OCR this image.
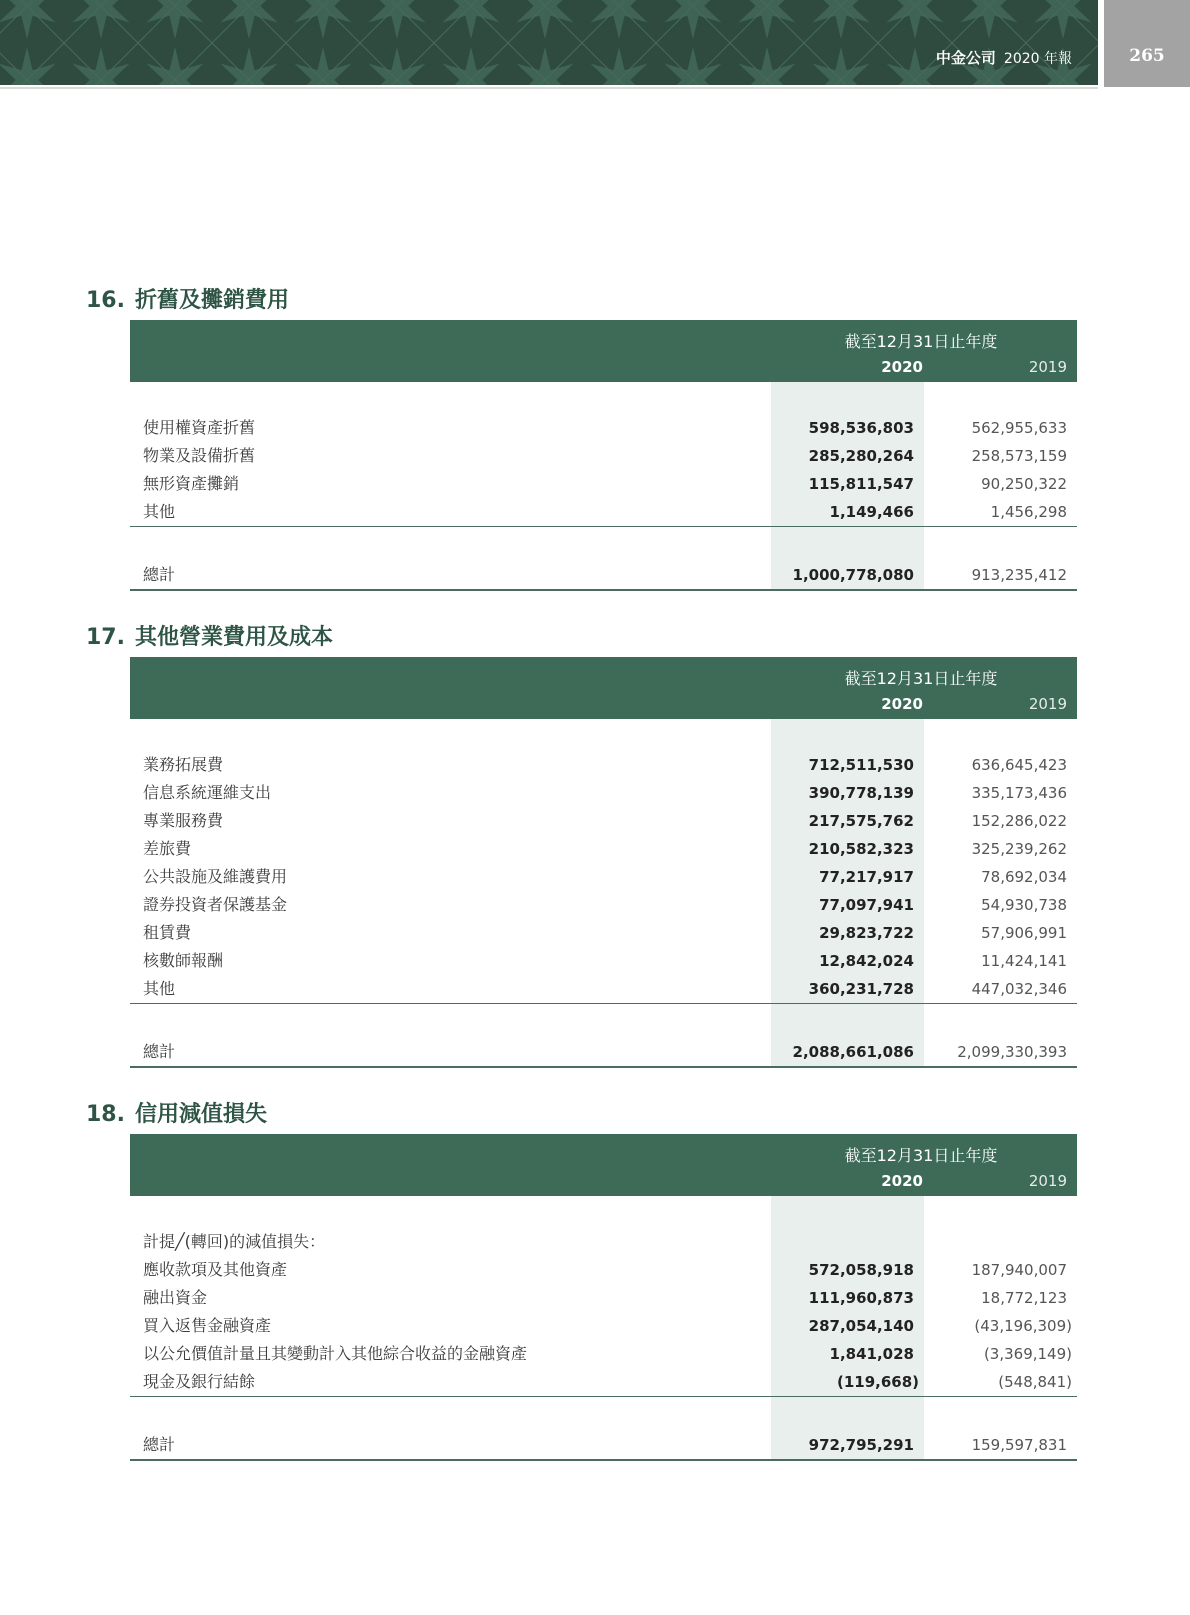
中金公司 2020 年報	265
16. 折舊及攤銷費用
截至12月31日止年度
2020	2019
使用權資產折舊	598,536,803	562,955,633
物業及設備折舊	285,280,264	258,573,159
無形資產攤銷	115,811,547	90,250,322
其他	1,149,466	1,456,298
總計	1,000,778,080	913,235,412
17. 其他營業費用及成本
截至12月31日止年度
2020	2019
業務拓展費	712,511,530	636,645,423
信息系統運維支出	390,778,139	335,173,436
專業服務費	217,575,762	152,286,022
差旅費	210,582,323	325,239,262
公共設施及維護費用	77,217,917	78,692,034
證券投資者保護基金	77,097,941	54,930,738
租賃費	29,823,722	57,906,991
核數師報酬	12,842,024	11,424,141
其他	360,231,728	447,032,346
總計	2,088,661,086	2,099,330,393
18. 信用減值損失
截至12月31日止年度
2020	2019
計提╱(轉回)的減值損失：
應收款項及其他資產	572,058,918	187,940,007
融出資金	111,960,873	18,772,123
買入返售金融資產	287,054,140	(43,196,309)
以公允價值計量且其變動計入其他綜合收益的金融資產	1,841,028	(3,369,149)
現金及銀行結餘	(119,668)	(548,841)
總計	972,795,291	159,597,831
